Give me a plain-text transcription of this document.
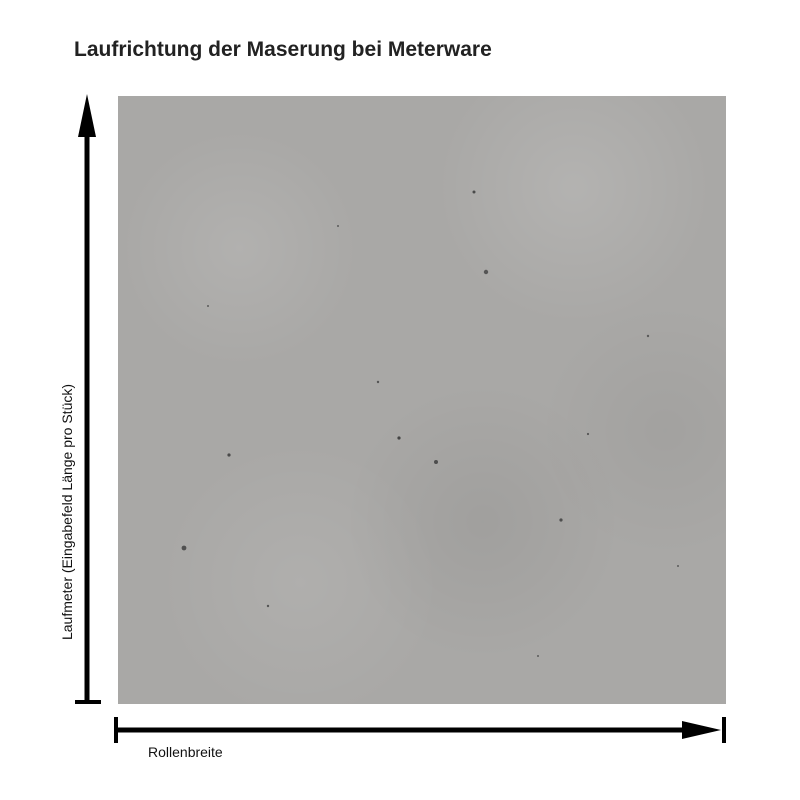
Laufrichtung der Maserung bei Meterware
Laufmeter (Eingabefeld Länge pro Stück)
Rollenbreite
